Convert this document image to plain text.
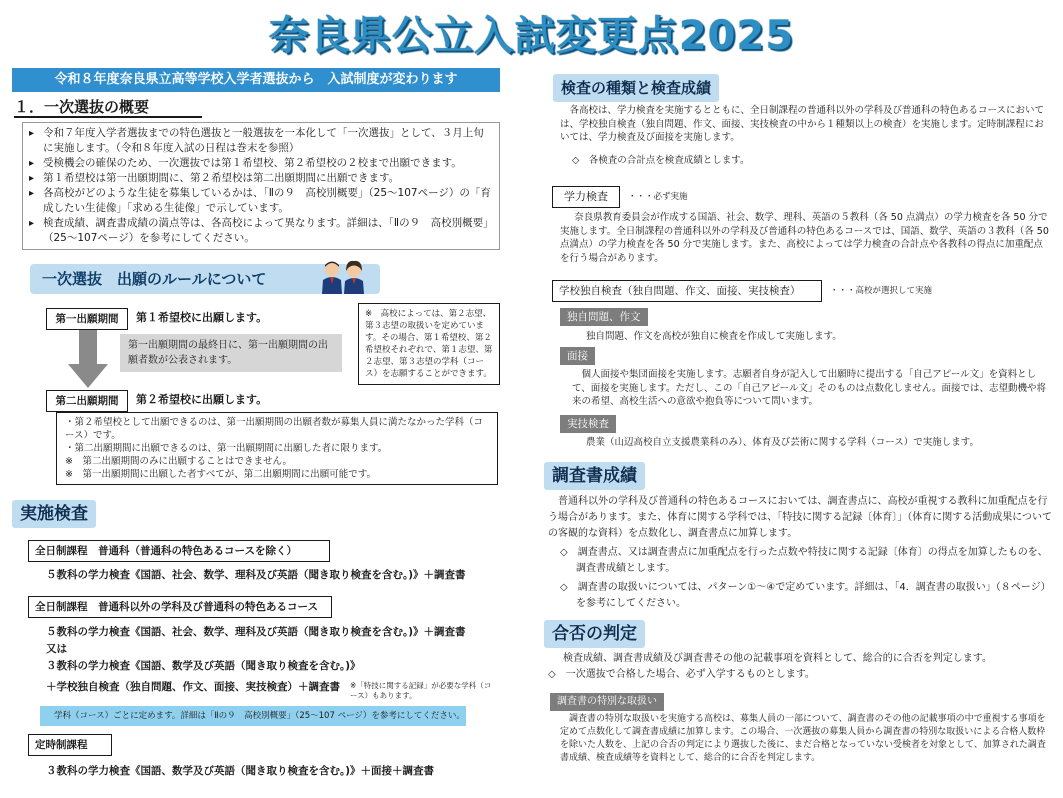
奈良県公立入試変更点2025
令和８年度奈良県立高等学校入学者選抜から　入試制度が変わります
１．一次選抜の概要
▸ 令和７年度入学者選抜までの特色選抜と一般選抜を一本化して「一次選抜」として、３月上旬に実施します。（令和８年度入試の日程は巻末を参照）
▸ 受検機会の確保のため、一次選抜では第１希望校、第２希望校の２校まで出願できます。
▸ 第１希望校は第一出願期間に、第２希望校は第二出願期間に出願できます。
▸ 各高校がどのような生徒を募集しているかは、「Ⅱの９　高校別概要」（25～107ページ）の「育成したい生徒像」「求める生徒像」で示しています。
▸ 検査成績、調査書成績の満点等は、各高校によって異なります。詳細は、「Ⅱの９　高校別概要」（25～107ページ）を参考にしてください。
一次選抜　出願のルールについて
第一出願期間	第１希望校に出願します。
第一出願期間の最終日に、第一出願期間の出願者数が公表されます。
第二出願期間	第２希望校に出願します。
※　高校によっては、第２志望、第３志望の取扱いを定めています。その場合、第１希望校、第２希望校それぞれで、第１志望、第２志望、第３志望の学科（コース）を志願することができます。
・第２希望校として出願できるのは、第一出願期間の出願者数が募集人員に満たなかった学科（コース）です。
・第二出願期間に出願できるのは、第一出願期間に出願した者に限ります。
※　第二出願期間のみに出願することはできません。
※　第一出願期間に出願した者すべてが、第二出願期間に出願可能です。
実施検査
全日制課程　普通科（普通科の特色あるコースを除く）
５教科の学力検査《国語、社会、数学、理科及び英語（聞き取り検査を含む。)》＋調査書
全日制課程　普通科以外の学科及び普通科の特色あるコース
５教科の学力検査《国語、社会、数学、理科及び英語（聞き取り検査を含む。)》＋調査書
又は
３教科の学力検査《国語、数学及び英語（聞き取り検査を含む。)》
＋学校独自検査（独自問題、作文、面接、実技検査）＋調査書 ※「特技に関する記録」が必要な学科（コース）もあります。
学科（コース）ごとに定めます。詳細は「Ⅱの９　高校別概要」（25～107 ページ）を参考にしてください。
定時制課程
３教科の学力検査《国語、数学及び英語（聞き取り検査を含む。)》＋面接＋調査書
検査の種類と検査成績
各高校は、学力検査を実施するとともに、全日制課程の普通科以外の学科及び普通科の特色あるコースにおいては、学校独自検査（独自問題、作文、面接、実技検査の中から１種類以上の検査）を実施します。定時制課程においては、学力検査及び面接を実施します。
◇　各検査の合計点を検査成績とします。
学力検査	・・・必ず実施
奈良県教育委員会が作成する国語、社会、数学、理科、英語の５教科（各 50 点満点）の学力検査を各 50 分で実施します。全日制課程の普通科以外の学科及び普通科の特色あるコースでは、国語、数学、英語の３教科（各 50 点満点）の学力検査を各 50 分で実施します。また、高校によっては学力検査の合計点や各教科の得点に加重配点を行う場合があります。
学校独自検査（独自問題、作文、面接、実技検査）	・・・高校が選択して実施
独自問題、作文
独自問題、作文を高校が独自に検査を作成して実施します。
面接
個人面接や集団面接を実施します。志願者自身が記入して出願時に提出する「自己アピール文」を資料として、面接を実施します。ただし、この「自己アピール文」そのものは点数化しません。面接では、志望動機や将来の希望、高校生活への意欲や抱負等について問います。
実技検査
農業（山辺高校自立支援農業科のみ）、体育及び芸術に関する学科（コース）で実施します。
調査書成績
普通科以外の学科及び普通科の特色あるコースにおいては、調査書点に、高校が重視する教科に加重配点を行う場合があります。また、体育に関する学科では、「特技に関する記録〔体育〕」（体育に関する活動成果についての客観的な資料）を点数化し、調査書点に加算します。
◇　調査書点、又は調査書点に加重配点を行った点数や特技に関する記録〔体育〕の得点を加算したものを、調査書成績とします。
◇　調査書の取扱いについては、パターン①～④で定めています。詳細は、「4．調査書の取扱い」（８ページ）を参考にしてください。
合否の判定
検査成績、調査書成績及び調査書その他の記載事項を資料として、総合的に合否を判定します。
◇　一次選抜で合格した場合、必ず入学するものとします。
調査書の特別な取扱い
調査書の特別な取扱いを実施する高校は、募集人員の一部について、調査書のその他の記載事項の中で重視する事項を定めて点数化して調査書成績に加算します。この場合、一次選抜の募集人員から調査書の特別な取扱いによる合格人数枠を除いた人数を、上記の合否の判定により選抜した後に、まだ合格となっていない受検者を対象として、加算された調査書成績、検査成績等を資料として、総合的に合否を判定します。
